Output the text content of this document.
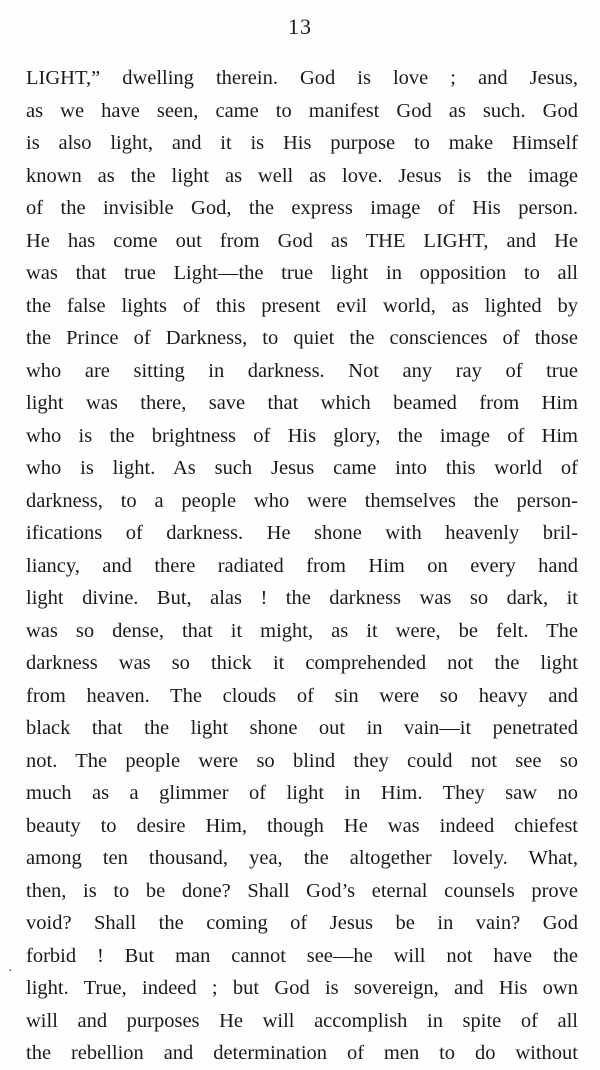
13
LIGHT,” dwelling therein. God is love ; and Jesus,
as we have seen, came to manifest God as such. God
is also light, and it is His purpose to make Himself
known as the light as well as love. Jesus is the image
of the invisible God, the express image of His person.
He has come out from God as THE LIGHT, and He
was that true Light—the true light in opposition to all
the false lights of this present evil world, as lighted by
the Prince of Darkness, to quiet the consciences of those
who are sitting in darkness. Not any ray of true
light was there, save that which beamed from Him
who is the brightness of His glory, the image of Him
who is light. As such Jesus came into this world of
darkness, to a people who were themselves the person-
ifications of darkness. He shone with heavenly bril-
liancy, and there radiated from Him on every hand
light divine. But, alas ! the darkness was so dark, it
was so dense, that it might, as it were, be felt. The
darkness was so thick it comprehended not the light
from heaven. The clouds of sin were so heavy and
black that the light shone out in vain—it penetrated
not. The people were so blind they could not see so
much as a glimmer of light in Him. They saw no
beauty to desire Him, though He was indeed chiefest
among ten thousand, yea, the altogether lovely. What,
then, is to be done? Shall God’s eternal counsels prove
void? Shall the coming of Jesus be in vain? God
forbid ! But man cannot see—he will not have the
light. True, indeed ; but God is sovereign, and His own
will and purposes He will accomplish in spite of all
the rebellion and determination of men to do without
·
